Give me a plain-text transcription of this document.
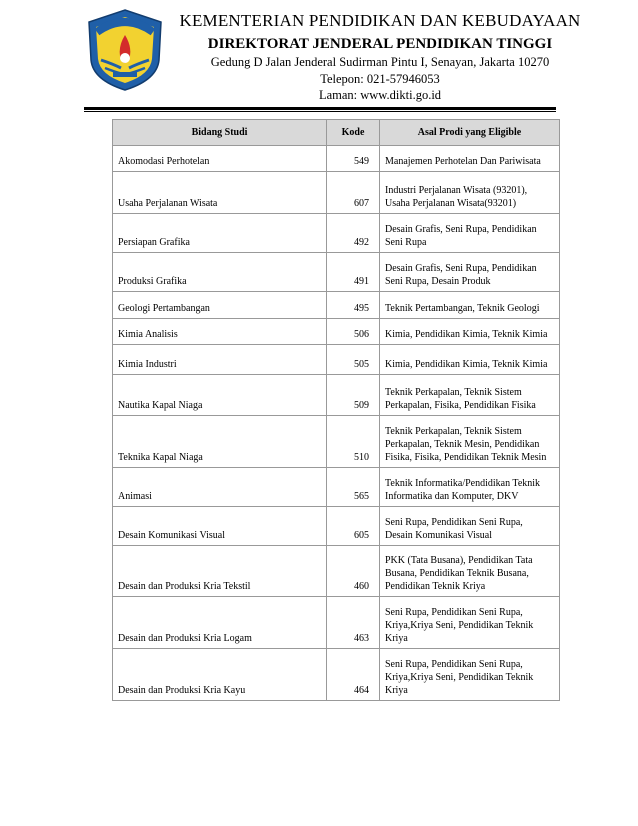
KEMENTERIAN PENDIDIKAN DAN KEBUDAYAAN
DIREKTORAT JENDERAL PENDIDIKAN TINGGI
Gedung D Jalan Jenderal Sudirman Pintu I, Senayan, Jakarta 10270
Telepon: 021-57946053
Laman: www.dikti.go.id
Bidang Studi	Kode	Asal Prodi yang Eligible
Akomodasi Perhotelan	549	Manajemen Perhotelan Dan Pariwisata

Usaha Perjalanan Wisata	607	Industri Perjalanan Wisata (93201),
Usaha Perjalanan Wisata(93201)

Persiapan Grafika	492	Desain Grafis, Seni Rupa, Pendidikan
Seni Rupa

Produksi Grafika	491	Desain Grafis, Seni Rupa, Pendidikan
Seni Rupa, Desain Produk

Geologi Pertambangan	495	Teknik Pertambangan, Teknik Geologi

Kimia Analisis	506	Kimia, Pendidikan Kimia, Teknik Kimia

Kimia Industri	505	Kimia, Pendidikan Kimia, Teknik Kimia

Nautika Kapal Niaga	509	Teknik Perkapalan, Teknik Sistem
Perkapalan, Fisika, Pendidikan Fisika

Teknika Kapal Niaga	510	Teknik Perkapalan, Teknik Sistem
Perkapalan, Teknik Mesin, Pendidikan
Fisika, Fisika, Pendidikan Teknik Mesin

Animasi	565	Teknik Informatika/Pendidikan Teknik
Informatika dan Komputer, DKV

Desain Komunikasi Visual	605	Seni Rupa, Pendidikan Seni Rupa,
Desain Komunikasi Visual

Desain dan Produksi Kria Tekstil	460	PKK (Tata Busana), Pendidikan Tata
Busana, Pendidikan Teknik Busana,
Pendidikan Teknik Kriya

Desain dan Produksi Kria Logam	463	Seni Rupa, Pendidikan Seni Rupa,
Kriya,Kriya Seni, Pendidikan Teknik
Kriya

Desain dan Produksi Kria Kayu	464	Seni Rupa, Pendidikan Seni Rupa,
Kriya,Kriya Seni, Pendidikan Teknik
Kriya
